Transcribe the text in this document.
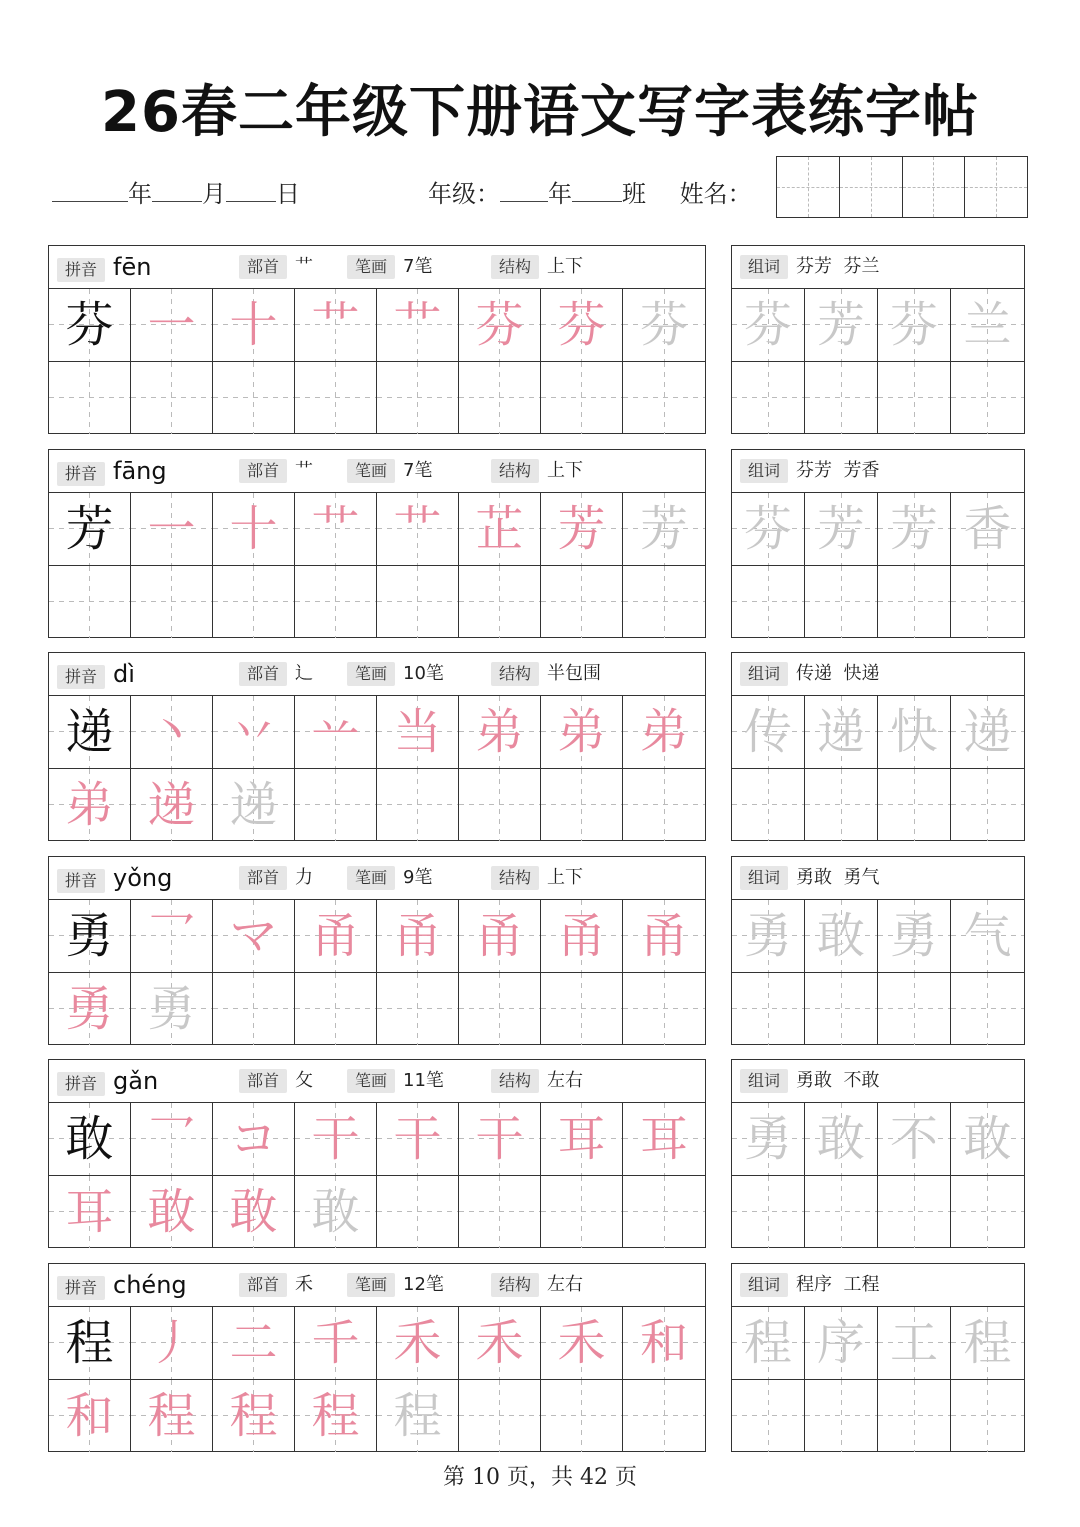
26春二年级下册语文写字表练字帖
年 月 日	年级： 年 班 姓名：
拼音 fēn	部首 艹	笔画 7笔	结构 上下
芬 一 十 艹 艹 芬 芬 芬
组词 芬芳  芬兰
芬 芳 芬 兰
拼音 fāng	部首 艹	笔画 7笔	结构 上下
芳 一 十 艹 艹 芷 芳 芳
组词 芬芳  芳香
芬 芳 芳 香
拼音 dì	部首 辶	笔画 10笔	结构 半包围
递 丶 丷 䒑 当 弟 弟 弟
弟 递 递
组词 传递  快递
传 递 快 递
拼音 yǒng	部首 力	笔画 9笔	结构 上下
勇 乛 マ 甬 甬 甬 甬 甬
勇 勇
组词 勇敢  勇气
勇 敢 勇 气
拼音 gǎn	部首 攵	笔画 11笔	结构 左右
敢 乛 コ 干 干 干 耳 耳
耳 敢 敢 敢
组词 勇敢  不敢
勇 敢 不 敢
拼音 chéng	部首 禾	笔画 12笔	结构 左右
程 丿 二 千 禾 禾 禾 和
和 程 程 程 程
组词 程序  工程
程 序 工 程
第 10 页，共 42 页
